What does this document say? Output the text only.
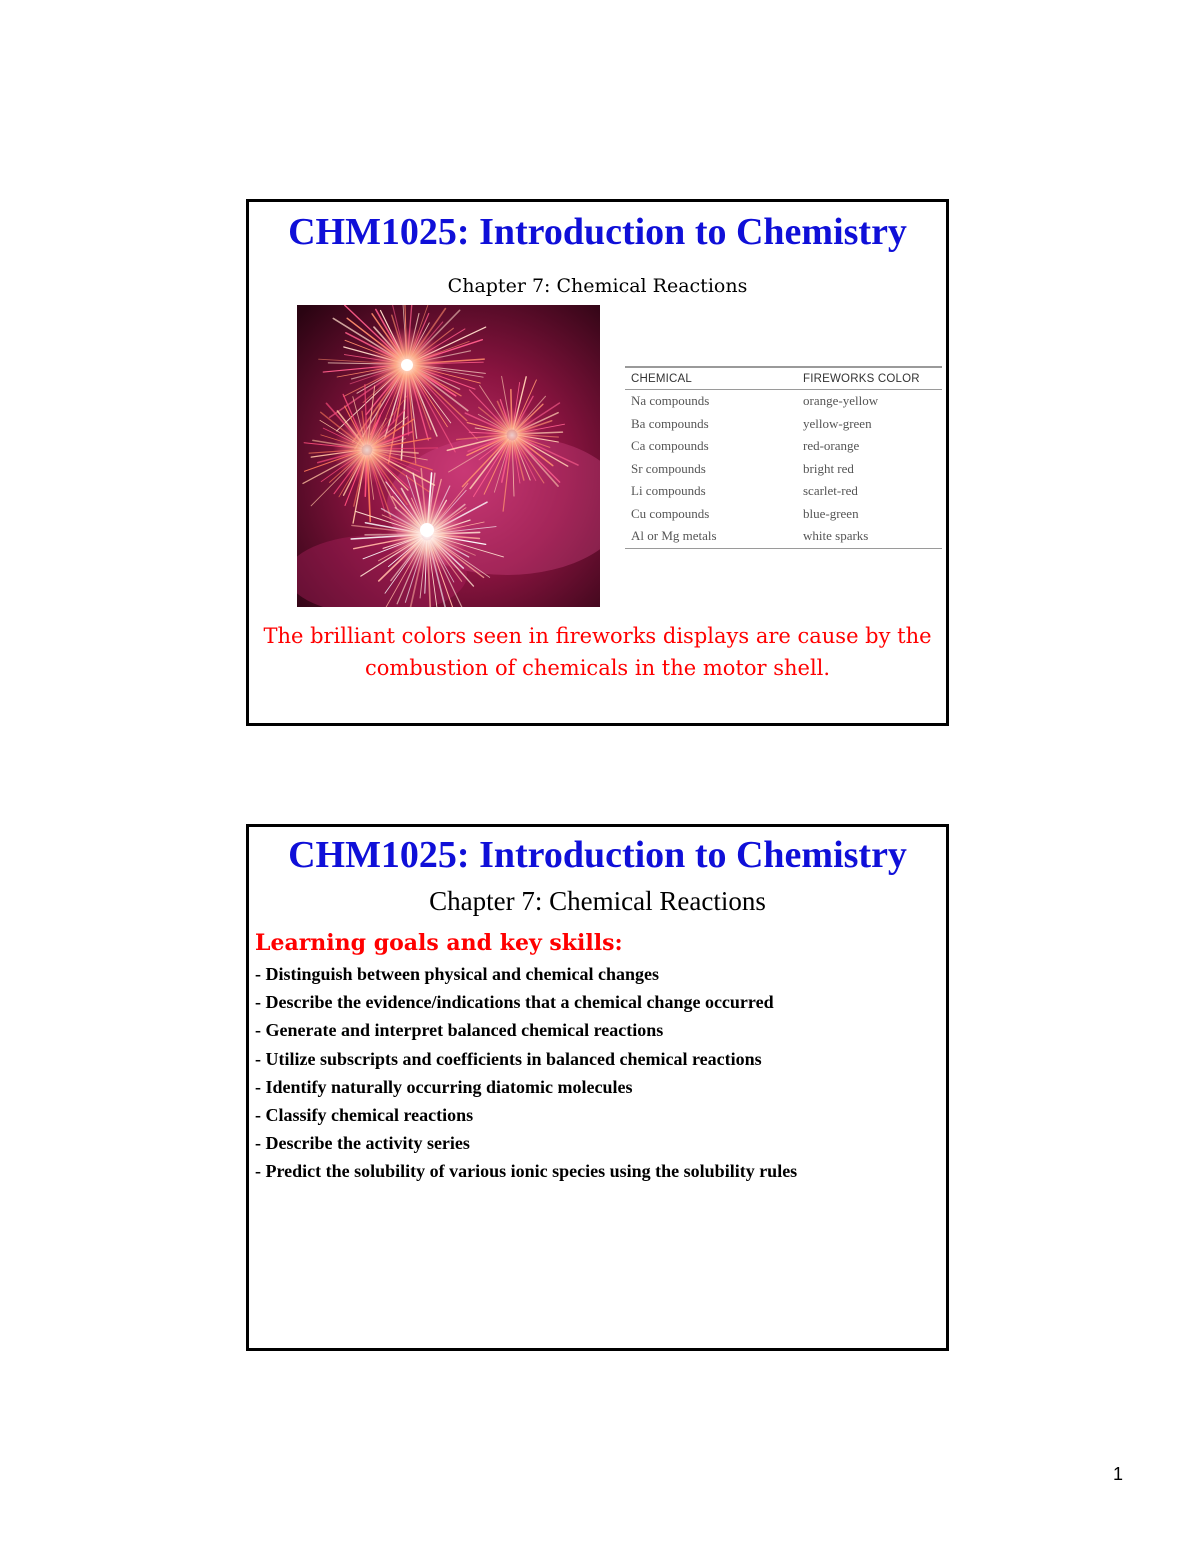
CHM1025: Introduction to Chemistry
Chapter 7: Chemical Reactions
CHEMICAL	FIREWORKS COLOR
Na compounds	orange-yellow
Ba compounds	yellow-green
Ca compounds	red-orange
Sr compounds	bright red
Li compounds	scarlet-red
Cu compounds	blue-green
Al or Mg metals	white sparks
The brilliant colors seen in fireworks displays are cause by the combustion of chemicals in the motor shell.
CHM1025: Introduction to Chemistry
Chapter 7: Chemical Reactions
Learning goals and key skills:
- Distinguish between physical and chemical changes
- Describe the evidence/indications that a chemical change occurred
- Generate and interpret balanced chemical reactions
- Utilize subscripts and coefficients in balanced chemical reactions
- Identify naturally occurring diatomic molecules
- Classify chemical reactions
- Describe the activity series
- Predict the solubility of various ionic species using the solubility rules
1
